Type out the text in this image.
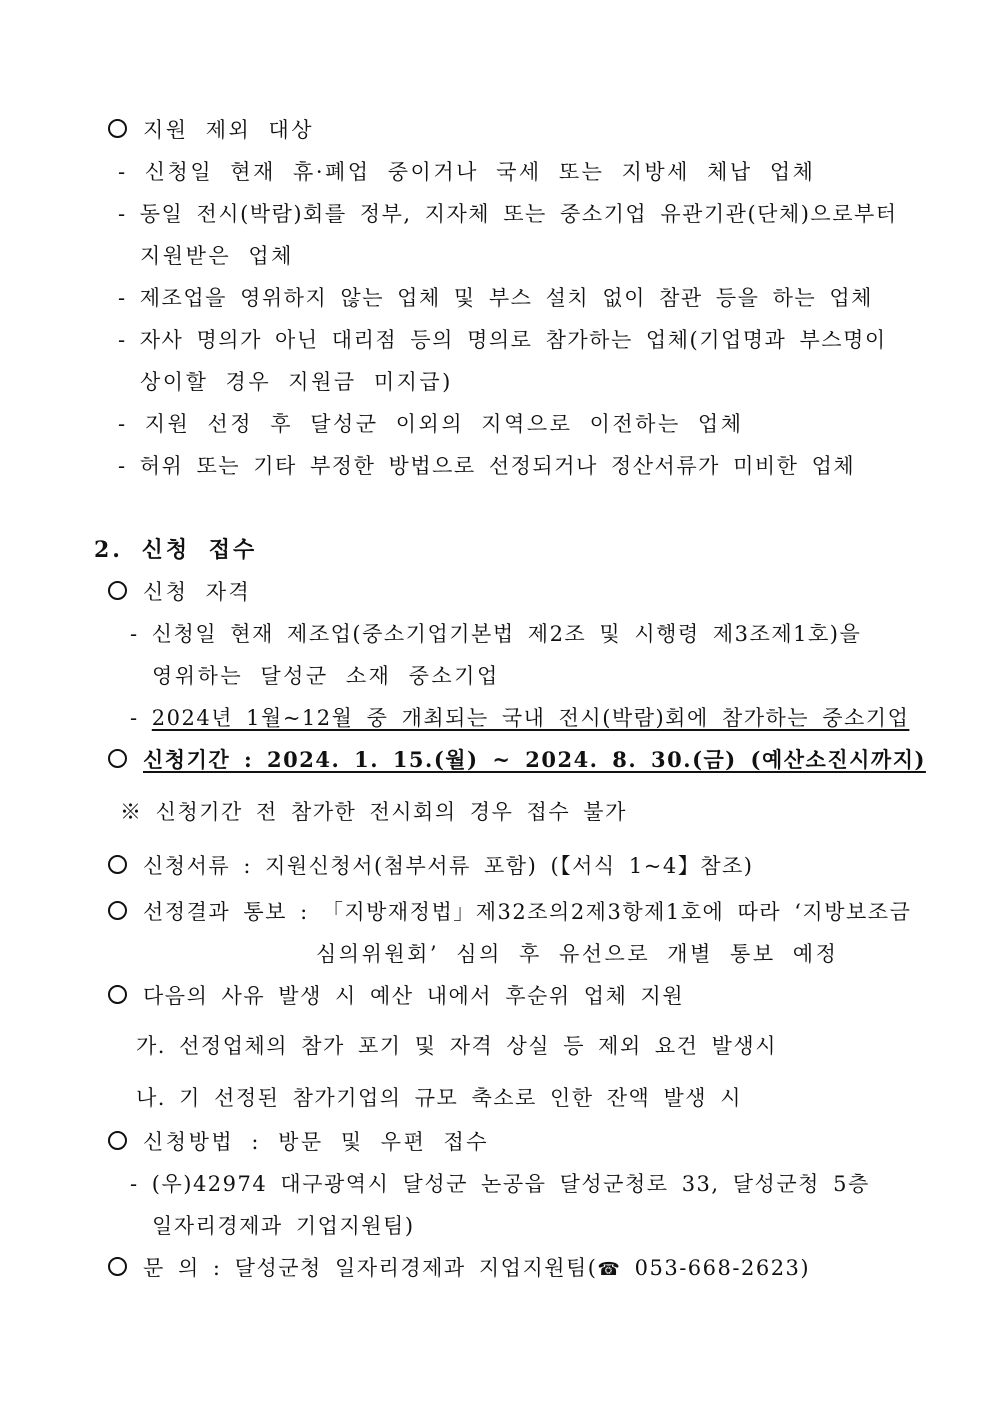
지원 제외 대상
- 신청일 현재 휴·폐업 중이거나 국세 또는 지방세 체납 업체
- 동일 전시(박람)회를 정부, 지자체 또는 중소기업 유관기관(단체)으로부터
지원받은 업체
- 제조업을 영위하지 않는 업체 및 부스 설치 없이 참관 등을 하는 업체
- 자사 명의가 아닌 대리점 등의 명의로 참가하는 업체(기업명과 부스명이
상이할 경우 지원금 미지급)
- 지원 선정 후 달성군 이외의 지역으로 이전하는 업체
- 허위 또는 기타 부정한 방법으로 선정되거나 정산서류가 미비한 업체
2. 신청 접수
신청 자격
- 신청일 현재 제조업(중소기업기본법 제2조 및 시행령 제3조제1호)을
영위하는 달성군 소재 중소기업
- 2024년 1월~12월 중 개최되는 국내 전시(박람)회에 참가하는 중소기업
신청기간 : 2024. 1. 15.(월) ~ 2024. 8. 30.(금) (예산소진시까지)
※ 신청기간 전 참가한 전시회의 경우 접수 불가
신청서류 : 지원신청서(첨부서류 포함) (【서식 1~4】참조)
선정결과 통보 : 「지방재정법」제32조의2제3항제1호에 따라 ‘지방보조금
심의위원회’ 심의 후 유선으로 개별 통보 예정
다음의 사유 발생 시 예산 내에서 후순위 업체 지원
가. 선정업체의 참가 포기 및 자격 상실 등 제외 요건 발생시
나. 기 선정된 참가기업의 규모 축소로 인한 잔액 발생 시
신청방법 : 방문 및 우편 접수
- (우)42974 대구광역시 달성군 논공읍 달성군청로 33, 달성군청 5층
일자리경제과 기업지원팀)
문 의 : 달성군청 일자리경제과 지업지원팀(☎ 053-668-2623)
